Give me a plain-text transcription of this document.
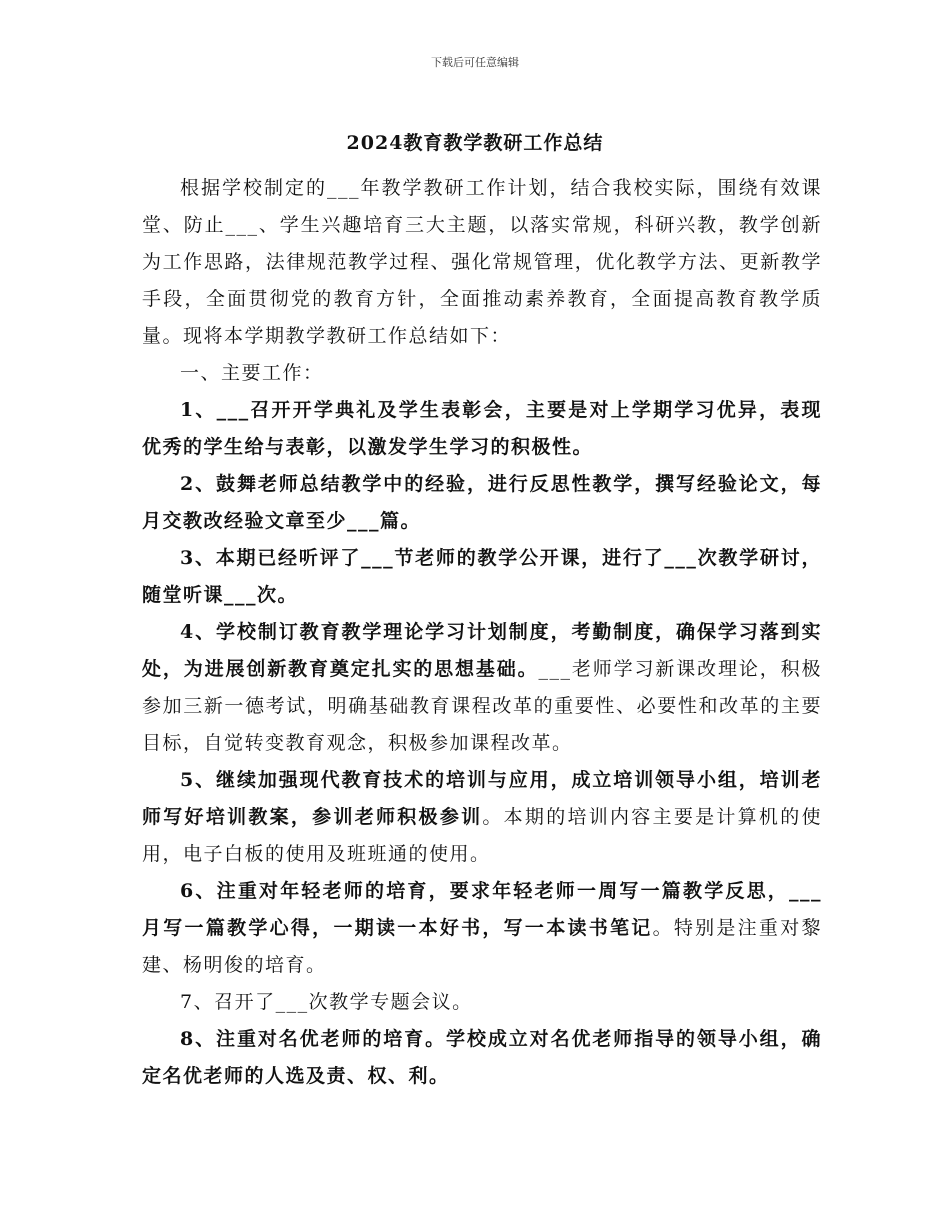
下载后可任意编辑
2024教育教学教研工作总结

根据学校制定的___年教学教研工作计划，结合我校实际，围绕有效课堂、防止___、学生兴趣培育三大主题，以落实常规，科研兴教，教学创新为工作思路，法律规范教学过程、强化常规管理，优化教学方法、更新教学手段，全面贯彻党的教育方针，全面推动素养教育，全面提高教育教学质量。现将本学期教学教研工作总结如下：

一、主要工作：

1、___召开开学典礼及学生表彰会，主要是对上学期学习优异，表现优秀的学生给与表彰，以激发学生学习的积极性。

2、鼓舞老师总结教学中的经验，进行反思性教学，撰写经验论文，每月交教改经验文章至少___篇。

3、本期已经听评了___节老师的教学公开课，进行了___次教学研讨，随堂听课___次。

4、学校制订教育教学理论学习计划制度，考勤制度，确保学习落到实处，为进展创新教育奠定扎实的思想基础。___老师学习新课改理论，积极参加三新一德考试，明确基础教育课程改革的重要性、必要性和改革的主要目标，自觉转变教育观念，积极参加课程改革。

5、继续加强现代教育技术的培训与应用，成立培训领导小组，培训老师写好培训教案，参训老师积极参训。本期的培训内容主要是计算机的使用，电子白板的使用及班班通的使用。

6、注重对年轻老师的培育，要求年轻老师一周写一篇教学反思，___月写一篇教学心得，一期读一本好书，写一本读书笔记。特别是注重对黎建、杨明俊的培育。

7、召开了___次教学专题会议。

8、注重对名优老师的培育。学校成立对名优老师指导的领导小组，确定名优老师的人选及责、权、利。
